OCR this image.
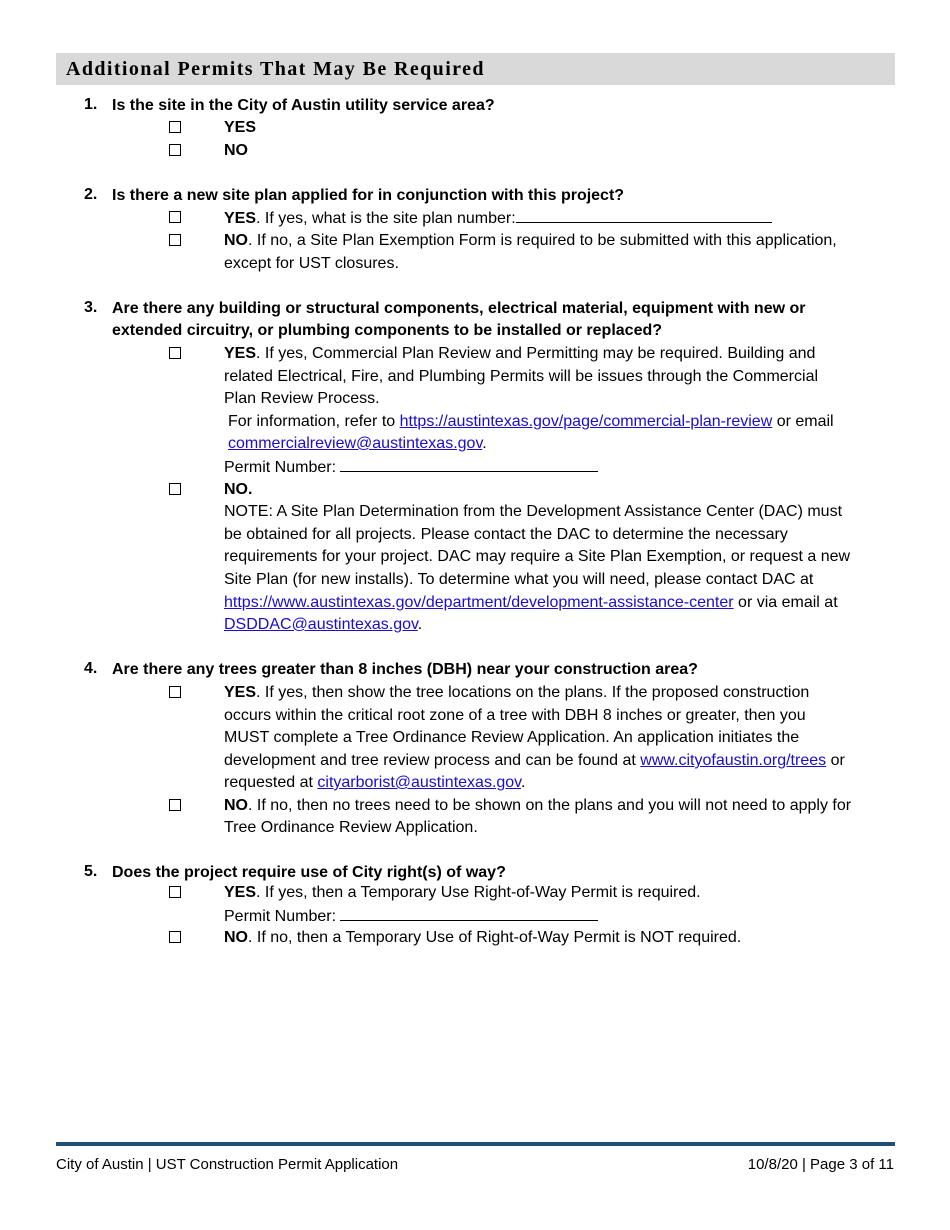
Additional Permits That May Be Required
1. Is the site in the City of Austin utility service area?
YES
NO
2. Is there a new site plan applied for in conjunction with this project?
YES. If yes, what is the site plan number:
NO. If no, a Site Plan Exemption Form is required to be submitted with this application,
except for UST closures.
3. Are there any building or structural components, electrical material, equipment with new or
extended circuitry, or plumbing components to be installed or replaced?
YES. If yes, Commercial Plan Review and Permitting may be required. Building and
related Electrical, Fire, and Plumbing Permits will be issues through the Commercial
Plan Review Process.
For information, refer to https://austintexas.gov/page/commercial-plan-review or email
commercialreview@austintexas.gov.
Permit Number:
NO.
NOTE: A Site Plan Determination from the Development Assistance Center (DAC) must
be obtained for all projects. Please contact the DAC to determine the necessary
requirements for your project. DAC may require a Site Plan Exemption, or request a new
Site Plan (for new installs). To determine what you will need, please contact DAC at
https://www.austintexas.gov/department/development-assistance-center or via email at
DSDDAC@austintexas.gov.
4. Are there any trees greater than 8 inches (DBH) near your construction area?
YES. If yes, then show the tree locations on the plans. If the proposed construction
occurs within the critical root zone of a tree with DBH 8 inches or greater, then you
MUST complete a Tree Ordinance Review Application. An application initiates the
development and tree review process and can be found at www.cityofaustin.org/trees or
requested at cityarborist@austintexas.gov.
NO. If no, then no trees need to be shown on the plans and you will not need to apply for
Tree Ordinance Review Application.
5. Does the project require use of City right(s) of way?
YES. If yes, then a Temporary Use Right-of-Way Permit is required.
Permit Number:
NO. If no, then a Temporary Use of Right-of-Way Permit is NOT required.
City of Austin | UST Construction Permit Application	10/8/20 | Page 3 of 11
